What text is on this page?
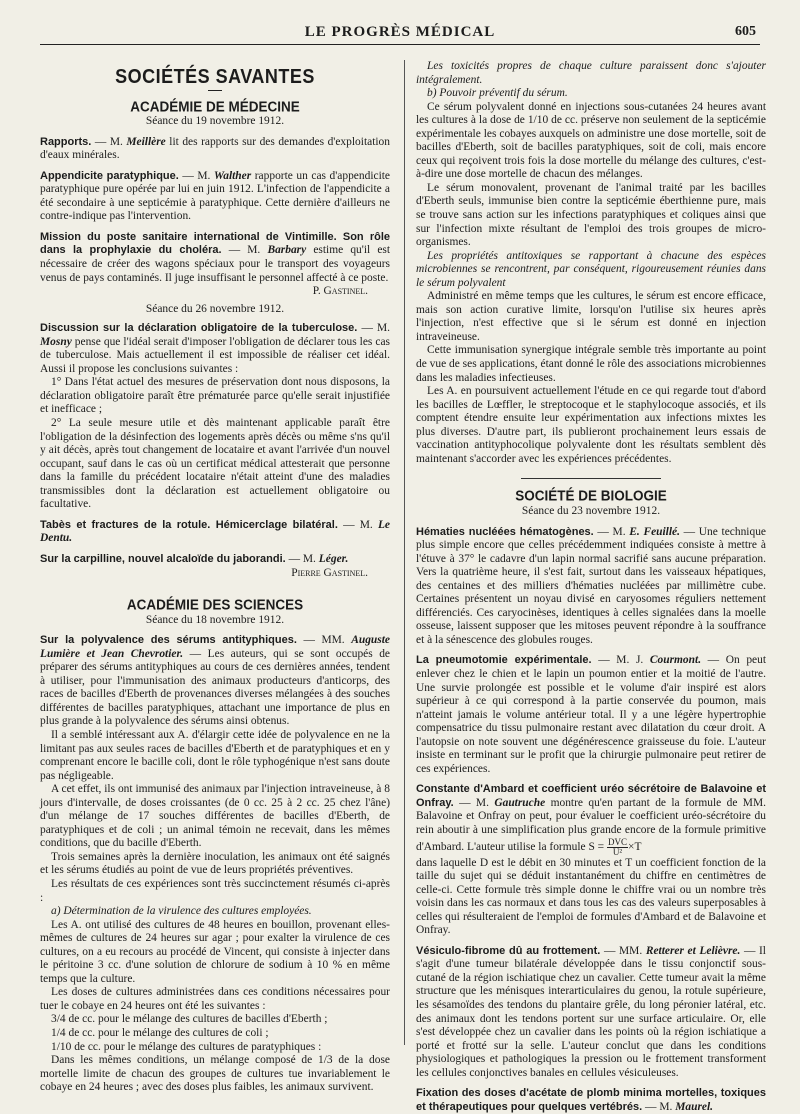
LE PROGRÈS MÉDICAL	605
SOCIÉTÉS SAVANTES
ACADÉMIE DE MÉDECINE

Séance du 19 novembre 1912.

Rapports. — M. Meillère lit des rapports sur des demandes d'exploitation d'eaux minérales.

Appendicite paratyphique. — M. Walther rapporte un cas d'appendicite paratyphique pure opérée par lui en juin 1912. L'infection de l'appendicite a été secondaire à une septicémie à paratyphique. Cette dernière d'ailleurs ne contre-indique pas l'intervention.

Mission du poste sanitaire international de Vintimille. Son rôle dans la prophylaxie du choléra. — M. Barbary estime qu'il est nécessaire de créer des wagons spéciaux pour le transport des voyageurs venus de pays contaminés. Il juge insuffisant le personnel affecté à ce poste.

P. Gastinel.

Séance du 26 novembre 1912.

Discussion sur la déclaration obligatoire de la tuberculose. — M. Mosny pense que l'idéal serait d'imposer l'obligation de déclarer tous les cas de tuberculose. Mais actuellement il est impossible de réaliser cet idéal. Aussi il propose les conclusions suivantes :

1° Dans l'état actuel des mesures de préservation dont nous disposons, la déclaration obligatoire paraît être prématurée parce qu'elle serait injustifiée et inefficace ;

2° La seule mesure utile et dès maintenant applicable paraît être l'obligation de la désinfection des logements après décès ou même s'ns qu'il y ait décès, après tout changement de locataire et avant l'arrivée d'un nouvel occupant, sauf dans le cas où un certificat médical attesterait que personne dans la famille du précédent locataire n'était atteint d'une des maladies transmissibles dont la déclaration est actuellement obligatoire ou facultative.

Tabès et fractures de la rotule. Hémicerclage bilatéral. — M. Le Dentu.

Sur la carpilline, nouvel alcaloïde du jaborandi. — M. Léger.

Pierre Gastinel.

ACADÉMIE DES SCIENCES

Séance du 18 novembre 1912.

Sur la polyvalence des sérums antityphiques. — MM. Auguste Lumière et Jean Chevrotier. — Les auteurs, qui se sont occupés de préparer des sérums antityphiques au cours de ces dernières années, tendent à utiliser, pour l'immunisation des animaux producteurs d'anticorps, des races de bacilles d'Eberth de provenances diverses mélangées à des souches différentes de bacilles paratyphiques, attachant une importance de plus en plus grande à la polyvalence des sérums ainsi obtenus.

Il a semblé intéressant aux A. d'élargir cette idée de polyvalence en ne la limitant pas aux seules races de bacilles d'Eberth et de paratyphiques et en y comprenant encore le bacille coli, dont le rôle typhogénique n'est sans doute pas négligeable.

A cet effet, ils ont immunisé des animaux par l'injection intraveineuse, à 8 jours d'intervalle, de doses croissantes (de 0 cc. 25 à 2 cc. 25 chez l'âne) d'un mélange de 17 souches différentes de bacilles d'Eberth, de paratyphiques et de coli ; un animal témoin ne recevait, dans les mêmes conditions, que du bacille d'Eberth.

Trois semaines après la dernière inoculation, les animaux ont été saignés et les sérums étudiés au point de vue de leurs propriétés préventives.

Les résultats de ces expériences sont très succinctement résumés ci-après :

a) Détermination de la virulence des cultures employées.

Les A. ont utilisé des cultures de 48 heures en bouillon, provenant elles-mêmes de cultures de 24 heures sur agar ; pour exalter la virulence de ces cultures, on a eu recours au procédé de Vincent, qui consiste à injecter dans le péritoine 3 cc. d'une solution de chlorure de sodium à 10 % en même temps que la culture.

Les doses de cultures administrées dans ces conditions nécessaires pour tuer le cobaye en 24 heures ont été les suivantes :

3/4 de cc. pour le mélange des cultures de bacilles d'Eberth ;

1/4 de cc. pour le mélange des cultures de coli ;

1/10 de cc. pour le mélange des cultures de paratyphiques :

Dans les mêmes conditions, un mélange composé de 1/3 de la dose mortelle limite de chacun des groupes de cultures tue invariablement le cobaye en 24 heures ; avec des doses plus faibles, les animaux survivent.

Les toxicités propres de chaque culture paraissent donc s'ajouter intégralement.

b) Pouvoir préventif du sérum.

Ce sérum polyvalent donné en injections sous-cutanées 24 heures avant les cultures à la dose de 1/10 de cc. préserve non seulement de la septicémie expérimentale les cobayes auxquels on administre une dose mortelle, soit de bacilles d'Eberth, soit de bacilles paratyphiques, soit de coli, mais encore ceux qui reçoivent trois fois la dose mortelle du mélange des cultures, c'est-à-dire une dose mortelle de chacun des mélanges.

Le sérum monovalent, provenant de l'animal traité par les bacilles d'Eberth seuls, immunise bien contre la septicémie éberthienne pure, mais se trouve sans action sur les infections paratyphiques et coliques ainsi que sur l'infection mixte résultant de l'emploi des trois groupes de micro-organismes.

Les propriétés antitoxiques se rapportant à chacune des espèces microbiennes se rencontrent, par conséquent, rigoureusement réunies dans le sérum polyvalent

Administré en même temps que les cultures, le sérum est encore efficace, mais son action curative limite, lorsqu'on l'utilise six heures après l'injection, n'est effective que si le sérum est donné en injection intraveineuse.

Cette immunisation synergique intégrale semble très importante au point de vue de ses applications, étant donné le rôle des associations microbiennes dans les maladies infectieuses.

Les A. en poursuivent actuellement l'étude en ce qui regarde tout d'abord les bacilles de Lœffler, le streptocoque et le staphylocoque associés, et ils comptent étendre ensuite leur expérimentation aux infections mixtes les plus diverses. D'autre part, ils publieront prochainement leurs essais de vaccination antityphocolique polyvalente dont les résultats semblent dès maintenant s'accorder avec les expériences précédentes.

SOCIÉTÉ DE BIOLOGIE

Séance du 23 novembre 1912.

Hématies nucléées hématogènes. — M. E. Feuillé. — Une technique plus simple encore que celles précédemment indiquées consiste à mettre à l'étuve à 37° le cadavre d'un lapin normal sacrifié sans aucune préparation. Vers la quatrième heure, il s'est fait, surtout dans les vaisseaux hépatiques, des centaines et des milliers d'hématies nucléées par millimètre cube. Certaines présentent un noyau divisé en caryosomes réguliers nettement différenciés. Ces caryocinèses, identiques à celles signalées dans la moelle osseuse, laissent supposer que les mitoses peuvent répondre à la souffrance et à la sénescence des globules rouges.

La pneumotomie expérimentale. — M. J. Courmont. — On peut enlever chez le chien et le lapin un poumon entier et la moitié de l'autre. Une survie prolongée est possible et le volume d'air inspiré est alors supérieur à ce qui correspond à la partie conservée du poumon, mais n'atteint jamais le volume antérieur total. Il y a une légère hypertrophie compensatrice du tissu pulmonaire restant avec dilatation du cœur droit. A l'autopsie on note souvent une dégénérescence graisseuse du foie. L'auteur insiste en terminant sur le profit que la chirurgie pulmonaire peut retirer de ces expériences.

Constante d'Ambard et coefficient uréo sécrétoire de Balavoine et Onfray. — M. Gautruche montre qu'en partant de la formule de MM. Balavoine et Onfray on peut, pour évaluer le coefficient uréo-sécrétoire du rein aboutir à une simplification plus grande encore de la formule primitive d'Ambard. L'auteur utilise la formule $S = \frac{\text{DVC}}{\text{U²}} \times T$

dans laquelle D est le débit en 30 minutes et T un coefficient fonction de la taille du sujet qui se déduit instantanément du chiffre en centimètres de celle-ci. Cette formule très simple donne le chiffre vrai ou un nombre très voisin dans les cas normaux et dans tous les cas des valeurs superposables à celles qui résulteraient de l'emploi de formules d'Ambard et de Balavoine et Onfray.

Vésiculo-fibrome dû au frottement. — MM. Retterer et Lelièvre. — Il s'agit d'une tumeur bilatérale développée dans le tissu conjonctif sous-cutané de la région ischiatique chez un cavalier. Cette tumeur avait la même structure que les ménisques interarticulaires du genou, la rotule supérieure, les sésamoïdes des tendons du plantaire grêle, du long péronier latéral, etc. des animaux dont les tendons portent sur une surface articulaire. Or, elle s'est développée chez un cavalier dans les points où la région ischiatique a porté et frotté sur la selle. L'auteur conclut que dans les conditions physiologiques et pathologiques la pression ou le frottement transforment les cellules conjonctives banales en cellules vésiculeuses.

Fixation des doses d'acétate de plomb minima mortelles, toxiques et thérapeutiques pour quelques vertébrés. — M. Maurel.
